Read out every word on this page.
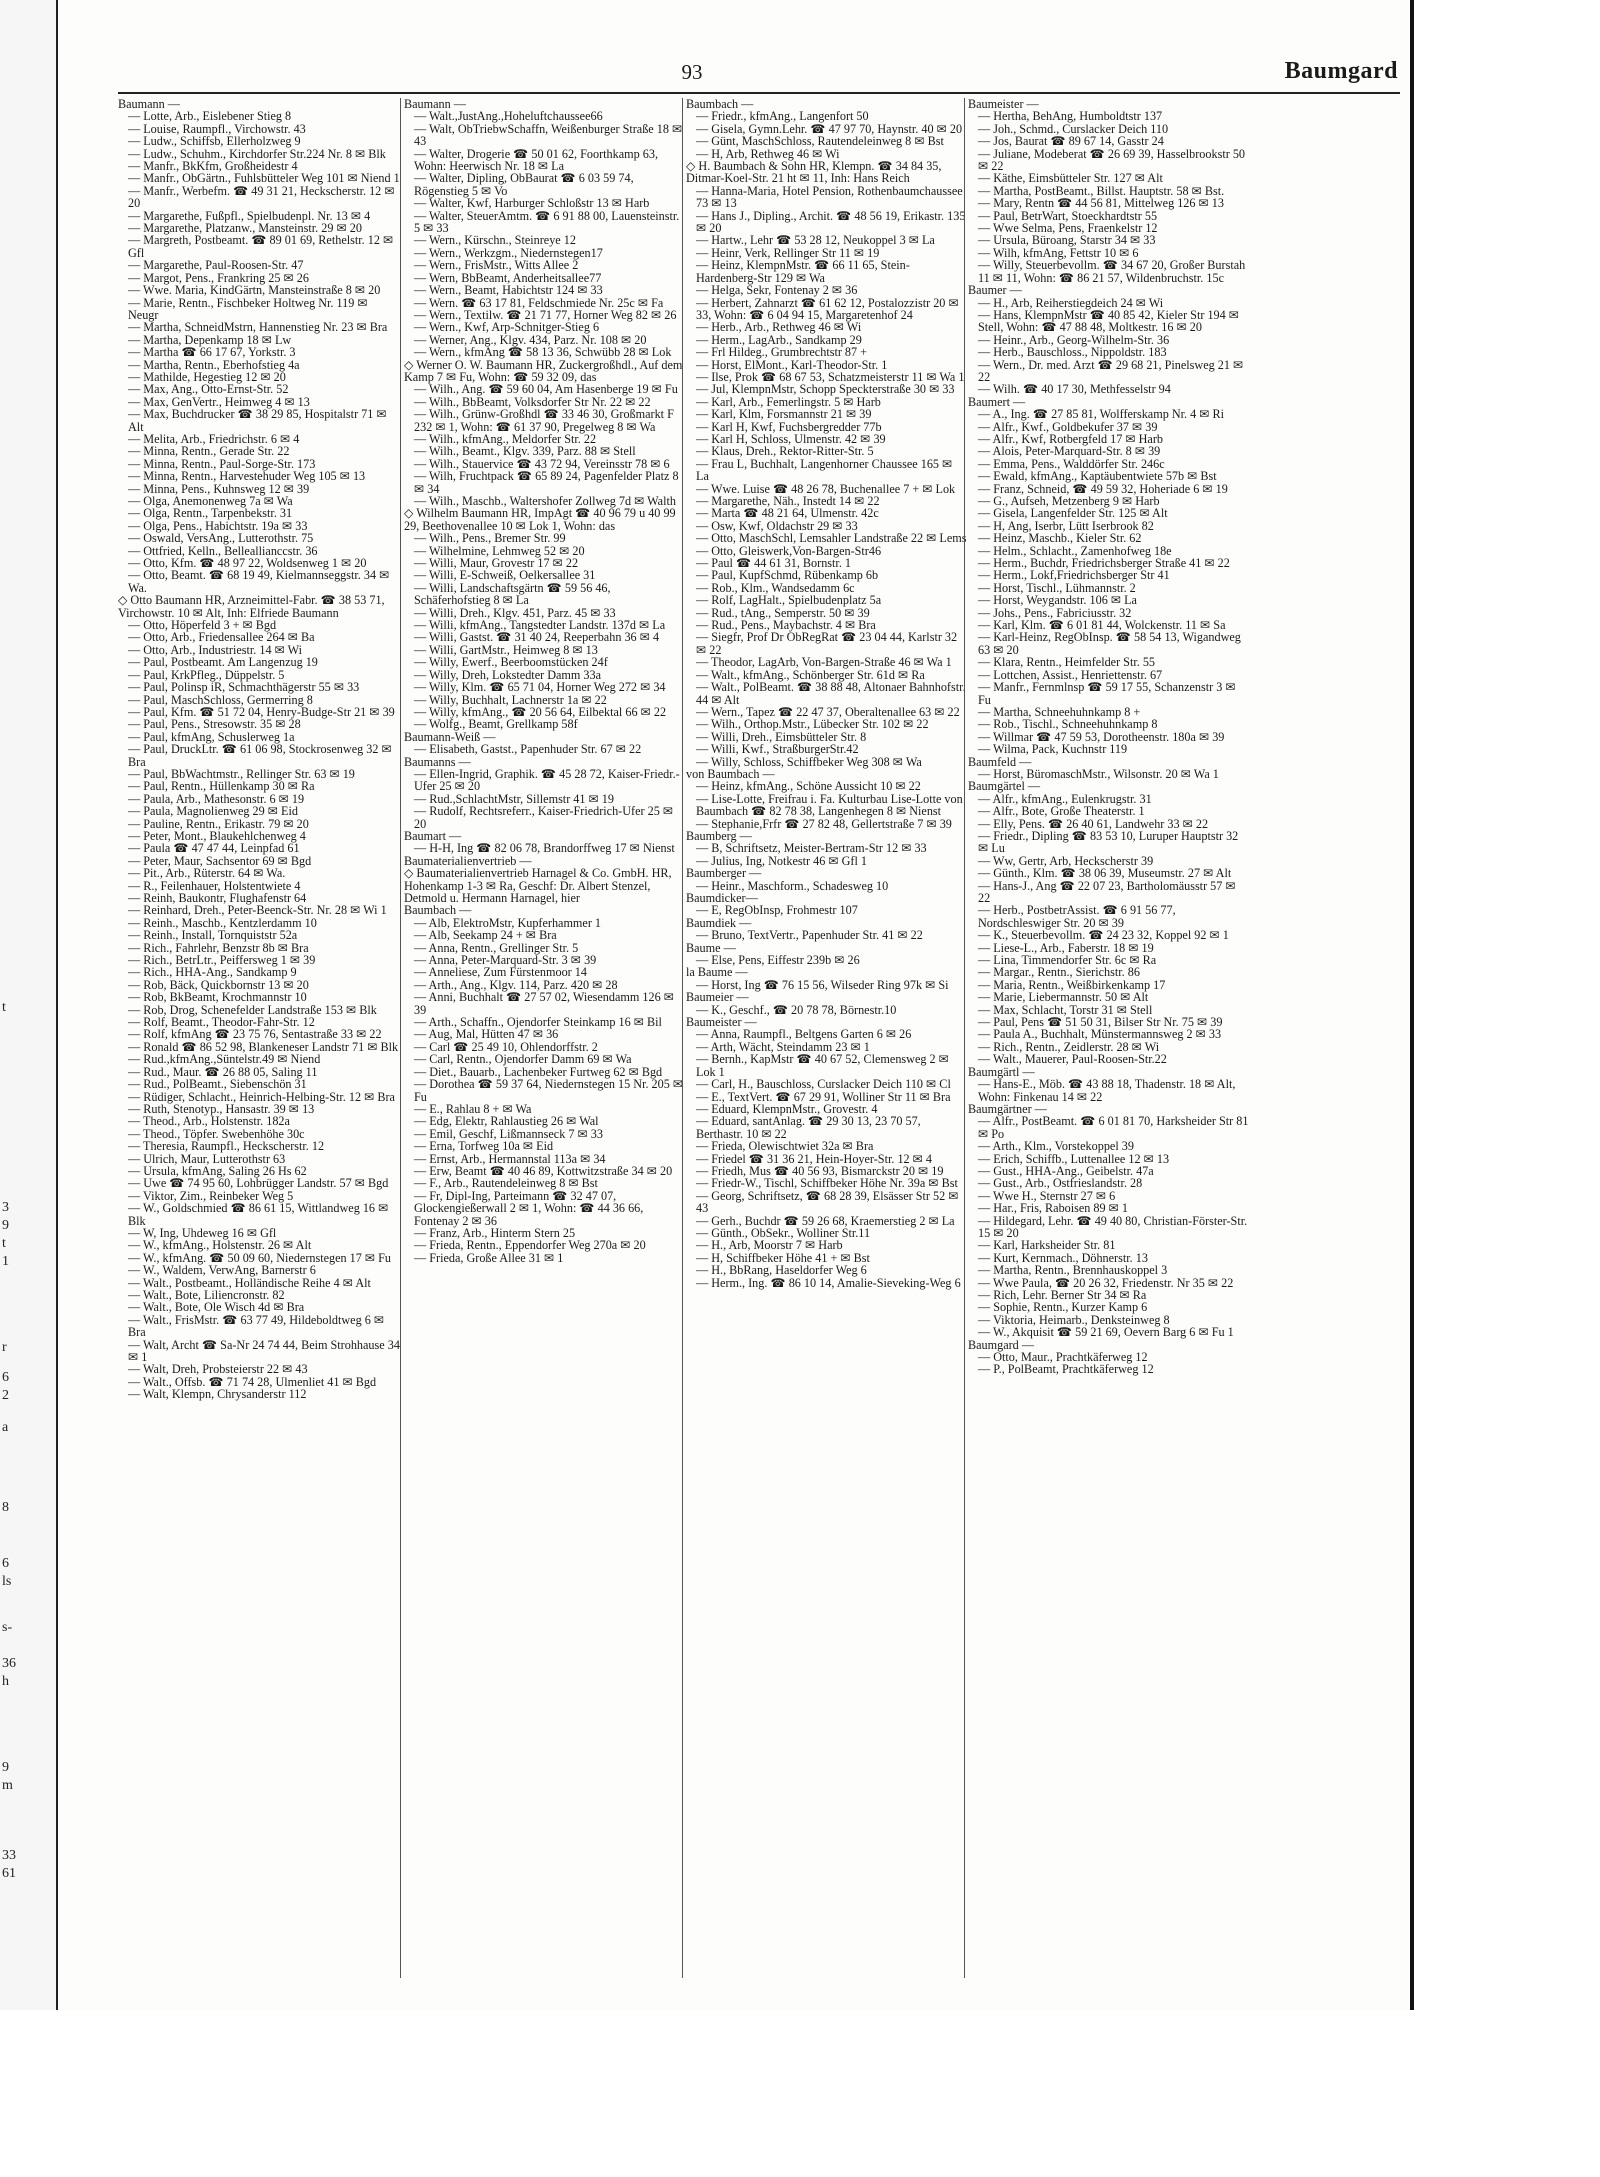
t
3
9
t
1
r
6
2
a
8
6
ls
s-
36
h
9
m
33
61
93	Baumgard
Baumann —
— Lotte, Arb., Eislebener Stieg 8
— Louise, Raumpfl., Virchowstr. 43
— Ludw., Schiffsb, Ellerholzweg 9
— Ludw., Schuhm., Kirchdorfer Str.224 Nr. 8 ✉ Blk
— Manfr., BkKfm, Großheidestr 4
— Manfr., ObGärtn., Fuhlsbütteler Weg 101 ✉ Niend 1
— Manfr., Werbefm. ☎ 49 31 21, Heckscherstr. 12 ✉ 20
— Margarethe, Fußpfl., Spielbudenpl. Nr. 13 ✉ 4
— Margarethe, Platzanw., Mansteinstr. 29 ✉ 20
— Margreth, Postbeamt. ☎ 89 01 69, Rethelstr. 12 ✉ Gfl
— Margarethe, Paul-Roosen-Str. 47
— Margot, Pens., Frankring 25 ✉ 26
— Wwe. Maria, KindGärtn, Mansteinstraße 8 ✉ 20
— Marie, Rentn., Fischbeker Holtweg Nr. 119 ✉ Neugr
— Martha, SchneidMstrn, Hannenstieg Nr. 23 ✉ Bra
— Martha, Depenkamp 18 ✉ Lw
— Martha ☎ 66 17 67, Yorkstr. 3
— Martha, Rentn., Eberhofstieg 4a
— Mathilde, Hegestieg 12 ✉ 20
— Max, Ang., Otto-Ernst-Str. 52
— Max, GenVertr., Heimweg 4 ✉ 13
— Max, Buchdrucker ☎ 38 29 85, Hospitalstr 71 ✉ Alt
— Melita, Arb., Friedrichstr. 6 ✉ 4
— Minna, Rentn., Gerade Str. 22
— Minna, Rentn., Paul-Sorge-Str. 173
— Minna, Rentn., Harvestehuder Weg 105 ✉ 13
— Minna, Pens., Kuhnsweg 12 ✉ 39
— Olga, Anemonenweg 7a ✉ Wa
— Olga, Rentn., Tarpenbekstr. 31
— Olga, Pens., Habichtstr. 19a ✉ 33
— Oswald, VersAng., Lutterothstr. 75
— Ottfried, Kelln., Belleallianccstr. 36
— Otto, Kfm. ☎ 48 97 22, Woldsenweg 1 ✉ 20
— Otto, Beamt. ☎ 68 19 49, Kielmannseggstr. 34 ✉ Wa.
◇ Otto Baumann HR, Arzneimittel-Fabr. ☎ 38 53 71, Virchowstr. 10 ✉ Alt, Inh: Elfriede Baumann
— Otto, Höperfeld 3 + ✉ Bgd
— Otto, Arb., Friedensallee 264 ✉ Ba
— Otto, Arb., Industriestr. 14 ✉ Wi
— Paul, Postbeamt. Am Langenzug 19
— Paul, KrkPfleg., Düppelstr. 5
— Paul, Polinsp iR, Schmachthägerstr 55 ✉ 33
— Paul, MaschSchloss, Germerring 8
— Paul, Kfm. ☎ 51 72 04, Henry-Budge-Str 21 ✉ 39
— Paul, Pens., Stresowstr. 35 ✉ 28
— Paul, kfmAng, Schuslerweg 1a
— Paul, DruckLtr. ☎ 61 06 98, Stockrosenweg 32 ✉ Bra
— Paul, BbWachtmstr., Rellinger Str. 63 ✉ 19
— Paul, Rentn., Hüllenkamp 30 ✉ Ra
— Paula, Arb., Mathesonstr. 6 ✉ 19
— Paula, Magnolienweg 29 ✉ Eid
— Pauline, Rentn., Erikastr. 79 ✉ 20
— Peter, Mont., Blaukehlchenweg 4
— Paula ☎ 47 47 44, Leinpfad 61
— Peter, Maur, Sachsentor 69 ✉ Bgd
— Pit., Arb., Rüterstr. 64 ✉ Wa.
— R., Feilenhauer, Holstentwiete 4
— Reinh, Baukontr, Flughafenstr 64
— Reinhard, Dreh., Peter-Beenck-Str. Nr. 28 ✉ Wi 1
— Reinh., Maschb., Kentzlerdamm 10
— Reinh., Install, Tornquiststr 52a
— Rich., Fahrlehr, Benzstr 8b ✉ Bra
— Rich., BetrLtr., Peiffersweg 1 ✉ 39
— Rich., HHA-Ang., Sandkamp 9
— Rob, Bäck, Quickbornstr 13 ✉ 20
— Rob, BkBeamt, Krochmannstr 10
— Rob, Drog, Schenefelder Landstraße 153 ✉ Blk
— Rolf, Beamt., Theodor-Fahr-Str. 12
— Rolf, kfmAng ☎ 23 75 76, Sentastraße 33 ✉ 22
— Ronald ☎ 86 52 98, Blankeneser Landstr 71 ✉ Blk
— Rud.,kfmAng.,Süntelstr.49 ✉ Niend
— Rud., Maur. ☎ 26 88 05, Saling 11
— Rud., PolBeamt., Siebenschön 31
— Rüdiger, Schlacht., Heinrich-Helbing-Str. 12 ✉ Bra
— Ruth, Stenotyp., Hansastr. 39 ✉ 13
— Theod., Arb., Holstenstr. 182a
— Theod., Töpfer. Swebenhöhe 30c
— Theresia, Raumpfl., Heckscherstr. 12
— Ulrich, Maur, Lutterothstr 63
— Ursula, kfmAng, Saling 26 Hs 62
— Uwe ☎ 74 95 60, Lohbrügger Landstr. 57 ✉ Bgd
— Viktor, Zim., Reinbeker Weg 5
— W., Goldschmied ☎ 86 61 15, Wittlandweg 16 ✉ Blk
— W, Ing, Uhdeweg 16 ✉ Gfl
— W., kfmAng., Holstenstr. 26 ✉ Alt
— W., kfmAng. ☎ 50 09 60, Niedernstegen 17 ✉ Fu
— W., Waldem, VerwAng, Barnerstr 6
— Walt., Postbeamt., Holländische Reihe 4 ✉ Alt
— Walt., Bote, Liliencronstr. 82
— Walt., Bote, Ole Wisch 4d ✉ Bra
— Walt., FrisMstr. ☎ 63 77 49, Hildeboldtweg 6 ✉ Bra
— Walt, Archt ☎ Sa-Nr 24 74 44, Beim Strohhause 34 ✉ 1
— Walt, Dreh, Probsteierstr 22 ✉ 43
— Walt., Offsb. ☎ 71 74 28, Ulmenliet 41 ✉ Bgd
— Walt, Klempn, Chrysanderstr 112
Baumann —
— Walt.,JustAng.,Hoheluftchaussee66
— Walt, ObTriebwSchaffn, Weißenburger Straße 18 ✉ 43
— Walter, Drogerie ☎ 50 01 62, Foorthkamp 63, Wohn: Heerwisch Nr. 18 ✉ La
— Walter, Dipling, ObBaurat ☎ 6 03 59 74, Rögenstieg 5 ✉ Vo
— Walter, Kwf, Harburger Schloßstr 13 ✉ Harb
— Walter, SteuerAmtm. ☎ 6 91 88 00, Lauensteinstr. 5 ✉ 33
— Wern., Kürschn., Steinreye 12
— Wern., Werkzgm., Niedernstegen17
— Wern., FrisMstr., Witts Allee 2
— Wern, BbBeamt, Anderheitsallee77
— Wern., Beamt, Habichtstr 124 ✉ 33
— Wern. ☎ 63 17 81, Feldschmiede Nr. 25c ✉ Fa
— Wern., Textilw. ☎ 21 71 77, Horner Weg 82 ✉ 26
— Wern., Kwf, Arp-Schnitger-Stieg 6
— Werner, Ang., Klgv. 434, Parz. Nr. 108 ✉ 20
— Wern., kfmAng ☎ 58 13 36, Schwübb 28 ✉ Lok
◇ Werner O. W. Baumann HR, Zuckergroßhdl., Auf dem Kamp 7 ✉ Fu, Wohn: ☎ 59 32 09, das
— Wilh., Ang. ☎ 59 60 04, Am Hasenberge 19 ✉ Fu
— Wilh., BbBeamt, Volksdorfer Str Nr. 22 ✉ 22
— Wilh., Grünw-Großhdl ☎ 33 46 30, Großmarkt F 232 ✉ 1, Wohn: ☎ 61 37 90, Pregelweg 8 ✉ Wa
— Wilh., kfmAng., Meldorfer Str. 22
— Wilh., Beamt., Klgv. 339, Parz. 88 ✉ Stell
— Wilh., Stauervice ☎ 43 72 94, Vereinsstr 78 ✉ 6
— Wilh, Fruchtpack ☎ 65 89 24, Pagenfelder Platz 8 ✉ 34
— Wilh., Maschb., Waltershofer Zollweg 7d ✉ Walth
◇ Wilhelm Baumann HR, ImpAgt ☎ 40 96 79 u 40 99 29, Beethovenallee 10 ✉ Lok 1, Wohn: das
— Wilh., Pens., Bremer Str. 99
— Wilhelmine, Lehmweg 52 ✉ 20
— Willi, Maur, Grovestr 17 ✉ 22
— Willi, E-Schweiß, Oelkersallee 31
— Willi, Landschaftsgärtn ☎ 59 56 46, Schäferhofstieg 8 ✉ La
— Willi, Dreh., Klgv. 451, Parz. 45 ✉ 33
— Willi, kfmAng., Tangstedter Landstr. 137d ✉ La
— Willi, Gastst. ☎ 31 40 24, Reeperbahn 36 ✉ 4
— Willi, GartMstr., Heimweg 8 ✉ 13
— Willy, Ewerf., Beerboomstücken 24f
— Willy, Dreh, Lokstedter Damm 33a
— Willy, Klm. ☎ 65 71 04, Horner Weg 272 ✉ 34
— Willy, Buchhalt, Lachnerstr 1a ✉ 22
— Willy, kfmAng., ☎ 20 56 64, Eilbektal 66 ✉ 22
— Wolfg., Beamt, Grellkamp 58f
Baumann-Weiß —
— Elisabeth, Gastst., Papenhuder Str. 67 ✉ 22
Baumanns —
— Ellen-Ingrid, Graphik. ☎ 45 28 72, Kaiser-Friedr.-Ufer 25 ✉ 20
— Rud.,SchlachtMstr, Sillemstr 41 ✉ 19
— Rudolf, Rechtsreferr., Kaiser-Friedrich-Ufer 25 ✉ 20
Baumart —
— H-H, Ing ☎ 82 06 78, Brandorffweg 17 ✉ Nienst
Baumaterialienvertrieb —
◇ Baumaterialienvertrieb Harnagel & Co. GmbH. HR, Hohenkamp 1-3 ✉ Ra, Geschf: Dr. Albert Stenzel, Detmold u. Hermann Harnagel, hier
Baumbach —
— Alb, ElektroMstr, Kupferhammer 1
— Alb, Seekamp 24 + ✉ Bra
— Anna, Rentn., Grellinger Str. 5
— Anna, Peter-Marquard-Str. 3 ✉ 39
— Anneliese, Zum Fürstenmoor 14
— Arth., Ang., Klgv. 114, Parz. 420 ✉ 28
— Anni, Buchhalt ☎ 27 57 02, Wiesendamm 126 ✉ 39
— Arth., Schaffn., Ojendorfer Steinkamp 16 ✉ Bil
— Aug, Mal, Hütten 47 ✉ 36
— Carl ☎ 25 49 10, Ohlendorffstr. 2
— Carl, Rentn., Ojendorfer Damm 69 ✉ Wa
— Diet., Bauarb., Lachenbeker Furtweg 62 ✉ Bgd
— Dorothea ☎ 59 37 64, Niedernstegen 15 Nr. 205 ✉ Fu
— E., Rahlau 8 + ✉ Wa
— Edg, Elektr, Rahlaustieg 26 ✉ Wal
— Emil, Geschf, Lißmannseck 7 ✉ 33
— Erna, Torfweg 10a ✉ Eid
— Ernst, Arb., Hermannstal 113a ✉ 34
— Erw, Beamt ☎ 40 46 89, Kottwitzstraße 34 ✉ 20
— F., Arb., Rautendeleinweg 8 ✉ Bst
— Fr, Dipl-Ing, Parteimann ☎ 32 47 07, Glockengießerwall 2 ✉ 1, Wohn: ☎ 44 36 66, Fontenay 2 ✉ 36
— Franz, Arb., Hinterm Stern 25
— Frieda, Rentn., Eppendorfer Weg 270a ✉ 20
— Frieda, Große Allee 31 ✉ 1
Baumbach —
— Friedr., kfmAng., Langenfort 50
— Gisela, Gymn.Lehr. ☎ 47 97 70, Haynstr. 40 ✉ 20
— Günt, MaschSchloss, Rautendeleinweg 8 ✉ Bst
— H, Arb, Rethweg 46 ✉ Wi
◇ H. Baumbach & Sohn HR, Klempn. ☎ 34 84 35, Ditmar-Koel-Str. 21 ht ✉ 11, Inh: Hans Reich
— Hanna-Maria, Hotel Pension, Rothenbaumchaussee 73 ✉ 13
— Hans J., Dipling., Archit. ☎ 48 56 19, Erikastr. 135 ✉ 20
— Hartw., Lehr ☎ 53 28 12, Neukoppel 3 ✉ La
— Heinr, Verk, Rellinger Str 11 ✉ 19
— Heinz, KlempnMstr. ☎ 66 11 65, Stein-Hardenberg-Str 129 ✉ Wa
— Helga, Sekr, Fontenay 2 ✉ 36
— Herbert, Zahnarzt ☎ 61 62 12, Postalozzistr 20 ✉ 33, Wohn: ☎ 6 04 94 15, Margaretenhof 24
— Herb., Arb., Rethweg 46 ✉ Wi
— Herm., LagArb., Sandkamp 29
— Frl Hildeg., Grumbrechtstr 87 +
— Horst, ElMont., Karl-Theodor-Str. 1
— Ilse, Prok ☎ 68 67 53, Schatzmeisterstr 11 ✉ Wa 1
— Jul, KlempnMstr, Schopp Speckterstraße 30 ✉ 33
— Karl, Arb., Femerlingstr. 5 ✉ Harb
— Karl, Klm, Forsmannstr 21 ✉ 39
— Karl H, Kwf, Fuchsbergredder 77b
— Karl H, Schloss, Ulmenstr. 42 ✉ 39
— Klaus, Dreh., Rektor-Ritter-Str. 5
— Frau L, Buchhalt, Langenhorner Chaussee 165 ✉ La
— Wwe. Luise ☎ 48 26 78, Buchenallee 7 + ✉ Lok
— Margarethe, Näh., Instedt 14 ✉ 22
— Marta ☎ 48 21 64, Ulmenstr. 42c
— Osw, Kwf, Oldachstr 29 ✉ 33
— Otto, MaschSchl, Lemsahler Landstraße 22 ✉ Lems
— Otto, Gleiswerk,Von-Bargen-Str46
— Paul ☎ 44 61 31, Bornstr. 1
— Paul, KupfSchmd, Rübenkamp 6b
— Rob., Klm., Wandsedamm 6c
— Rolf, LagHalt., Spielbudenplatz 5a
— Rud., tAng., Semperstr. 50 ✉ 39
— Rud., Pens., Maybachstr. 4 ✉ Bra
— Siegfr, Prof Dr ObRegRat ☎ 23 04 44, Karlstr 32 ✉ 22
— Theodor, LagArb, Von-Bargen-Straße 46 ✉ Wa 1
— Walt., kfmAng., Schönberger Str. 61d ✉ Ra
— Walt., PolBeamt. ☎ 38 88 48, Altonaer Bahnhofstr. 44 ✉ Alt
— Wern., Tapez ☎ 22 47 37, Oberaltenallee 63 ✉ 22
— Wilh., Orthop.Mstr., Lübecker Str. 102 ✉ 22
— Willi, Dreh., Eimsbütteler Str. 8
— Willi, Kwf., StraßburgerStr.42
— Willy, Schloss, Schiffbeker Weg 308 ✉ Wa
von Baumbach —
— Heinz, kfmAng., Schöne Aussicht 10 ✉ 22
— Lise-Lotte, Freifrau i. Fa. Kulturbau Lise-Lotte von Baumbach ☎ 82 78 38, Langenhegen 8 ✉ Nienst
— Stephanie,Frfr ☎ 27 82 48, Gellertstraße 7 ✉ 39
Baumberg —
— B, Schriftsetz, Meister-Bertram-Str 12 ✉ 33
— Julius, Ing, Notkestr 46 ✉ Gfl 1
Baumberger —
— Heinr., Maschform., Schadesweg 10
Baumdicker—
— E, RegObInsp, Frohmestr 107
Baumdiek —
— Bruno, TextVertr., Papenhuder Str. 41 ✉ 22
Baume —
— Else, Pens, Eiffestr 239b ✉ 26
la Baume —
— Horst, Ing ☎ 76 15 56, Wilseder Ring 97k ✉ Si
Baumeier —
— K., Geschf., ☎ 20 78 78, Börnestr.10
Baumeister —
— Anna, Raumpfl., Beltgens Garten 6 ✉ 26
— Arth, Wächt, Steindamm 23 ✉ 1
— Bernh., KapMstr ☎ 40 67 52, Clemensweg 2 ✉ Lok 1
— Carl, H., Bauschloss, Curslacker Deich 110 ✉ Cl
— E., TextVert. ☎ 67 29 91, Wolliner Str 11 ✉ Bra
— Eduard, KlempnMstr., Grovestr. 4
— Eduard, santAnlag. ☎ 29 30 13, 23 70 57, Berthastr. 10 ✉ 22
— Frieda, Olewischtwiet 32a ✉ Bra
— Friedel ☎ 31 36 21, Hein-Hoyer-Str. 12 ✉ 4
— Friedh, Mus ☎ 40 56 93, Bismarckstr 20 ✉ 19
— Friedr-W., Tischl, Schiffbeker Höhe Nr. 39a ✉ Bst
— Georg, Schriftsetz, ☎ 68 28 39, Elsässer Str 52 ✉ 43
— Gerh., Buchdr ☎ 59 26 68, Kraemerstieg 2 ✉ La
— Günth., ObSekr., Wolliner Str.11
— H., Arb, Moorstr 7 ✉ Harb
— H, Schiffbeker Höhe 41 + ✉ Bst
— H., BbRang, Haseldorfer Weg 6
— Herm., Ing. ☎ 86 10 14, Amalie-Sieveking-Weg 6
Baumeister —
— Hertha, BehAng, Humboldtstr 137
— Joh., Schmd., Curslacker Deich 110
— Jos, Baurat ☎ 89 67 14, Gasstr 24
— Juliane, Modeberat ☎ 26 69 39, Hasselbrookstr 50 ✉ 22
— Käthe, Eimsbütteler Str. 127 ✉ Alt
— Martha, PostBeamt., Billst. Hauptstr. 58 ✉ Bst.
— Mary, Rentn ☎ 44 56 81, Mittelweg 126 ✉ 13
— Paul, BetrWart, Stoeckhardtstr 55
— Wwe Selma, Pens, Fraenkelstr 12
— Ursula, Büroang, Starstr 34 ✉ 33
— Wilh, kfmAng, Fettstr 10 ✉ 6
— Willy, Steuerbevollm. ☎ 34 67 20, Großer Burstah 11 ✉ 11, Wohn: ☎ 86 21 57, Wildenbruchstr. 15c
Baumer —
— H., Arb, Reiherstiegdeich 24 ✉ Wi
— Hans, KlempnMstr ☎ 40 85 42, Kieler Str 194 ✉ Stell, Wohn: ☎ 47 88 48, Moltkestr. 16 ✉ 20
— Heinr., Arb., Georg-Wilhelm-Str. 36
— Herb., Bauschloss., Nippoldstr. 183
— Wern., Dr. med. Arzt ☎ 29 68 21, Pinelsweg 21 ✉ 22
— Wilh. ☎ 40 17 30, Methfesselstr 94
Baumert —
— A., Ing. ☎ 27 85 81, Wolfferskamp Nr. 4 ✉ Ri
— Alfr., Kwf., Goldbekufer 37 ✉ 39
— Alfr., Kwf, Rotbergfeld 17 ✉ Harb
— Alois, Peter-Marquard-Str. 8 ✉ 39
— Emma, Pens., Walddörfer Str. 246c
— Ewald, kfmAng., Kaptäubentwiete 57b ✉ Bst
— Franz, Schneid, ☎ 49 59 32, Hoheriade 6 ✉ 19
— G., Aufseh, Metzenberg 9 ✉ Harb
— Gisela, Langenfelder Str. 125 ✉ Alt
— H, Ang, Iserbr, Lütt Iserbrook 82
— Heinz, Maschb., Kieler Str. 62
— Helm., Schlacht., Zamenhofweg 18e
— Herm., Buchdr, Friedrichsberger Straße 41 ✉ 22
— Herm., Lokf,Friedrichsberger Str 41
— Horst, Tischl., Lühmannstr. 2
— Horst, Weygandstr. 106 ✉ La
— Johs., Pens., Fabriciusstr. 32
— Karl, Klm. ☎ 6 01 81 44, Wolckenstr. 11 ✉ Sa
— Karl-Heinz, RegObInsp. ☎ 58 54 13, Wigandweg 63 ✉ 20
— Klara, Rentn., Heimfelder Str. 55
— Lottchen, Assist., Henriettenstr. 67
— Manfr., Fernmlnsp ☎ 59 17 55, Schanzenstr 3 ✉ Fu
— Martha, Schneehuhnkamp 8 +
— Rob., Tischl., Schneehuhnkamp 8
— Willmar ☎ 47 59 53, Dorotheenstr. 180a ✉ 39
— Wilma, Pack, Kuchnstr 119
Baumfeld —
— Horst, BüromaschMstr., Wilsonstr. 20 ✉ Wa 1
Baumgärtel —
— Alfr., kfmAng., Eulenkrugstr. 31
— Alfr., Bote, Große Theaterstr. 1
— Elly, Pens. ☎ 26 40 61, Landwehr 33 ✉ 22
— Friedr., Dipling ☎ 83 53 10, Luruper Hauptstr 32 ✉ Lu
— Ww, Gertr, Arb, Heckscherstr 39
— Günth., Klm. ☎ 38 06 39, Museumstr. 27 ✉ Alt
— Hans-J., Ang ☎ 22 07 23, Bartholomäusstr 57 ✉ 22
— Herb., PostbetrAssist. ☎ 6 91 56 77, Nordschleswiger Str. 20 ✉ 39
— K., Steuerbevollm. ☎ 24 23 32, Koppel 92 ✉ 1
— Liese-L., Arb., Faberstr. 18 ✉ 19
— Lina, Timmendorfer Str. 6c ✉ Ra
— Margar., Rentn., Sierichstr. 86
— Maria, Rentn., Weißbirkenkamp 17
— Marie, Liebermannstr. 50 ✉ Alt
— Max, Schlacht, Torstr 31 ✉ Stell
— Paul, Pens ☎ 51 50 31, Bilser Str Nr. 75 ✉ 39
— Paula A., Buchhalt, Münstermannsweg 2 ✉ 33
— Rich., Rentn., Zeidlerstr. 28 ✉ Wi
— Walt., Mauerer, Paul-Roosen-Str.22
Baumgärtl —
— Hans-E., Möb. ☎ 43 88 18, Thadenstr. 18 ✉ Alt, Wohn: Finkenau 14 ✉ 22
Baumgärtner —
— Alfr., PostBeamt. ☎ 6 01 81 70, Harksheider Str 81 ✉ Po
— Arth., Klm., Vorstekoppel 39
— Erich, Schiffb., Luttenallee 12 ✉ 13
— Gust., HHA-Ang., Geibelstr. 47a
— Gust., Arb., Ostfrieslandstr. 28
— Wwe H., Sternstr 27 ✉ 6
— Har., Fris, Raboisen 89 ✉ 1
— Hildegard, Lehr. ☎ 49 40 80, Christian-Förster-Str. 15 ✉ 20
— Karl, Harksheider Str. 81
— Kurt, Kernmach., Döhnerstr. 13
— Martha, Rentn., Brennhauskoppel 3
— Wwe Paula, ☎ 20 26 32, Friedenstr. Nr 35 ✉ 22
— Rich, Lehr. Berner Str 34 ✉ Ra
— Sophie, Rentn., Kurzer Kamp 6
— Viktoria, Heimarb., Denksteinweg 8
— W., Akquisit ☎ 59 21 69, Oevern Barg 6 ✉ Fu 1
Baumgard —
— Otto, Maur., Prachtkäferweg 12
— P., PolBeamt, Prachtkäferweg 12
